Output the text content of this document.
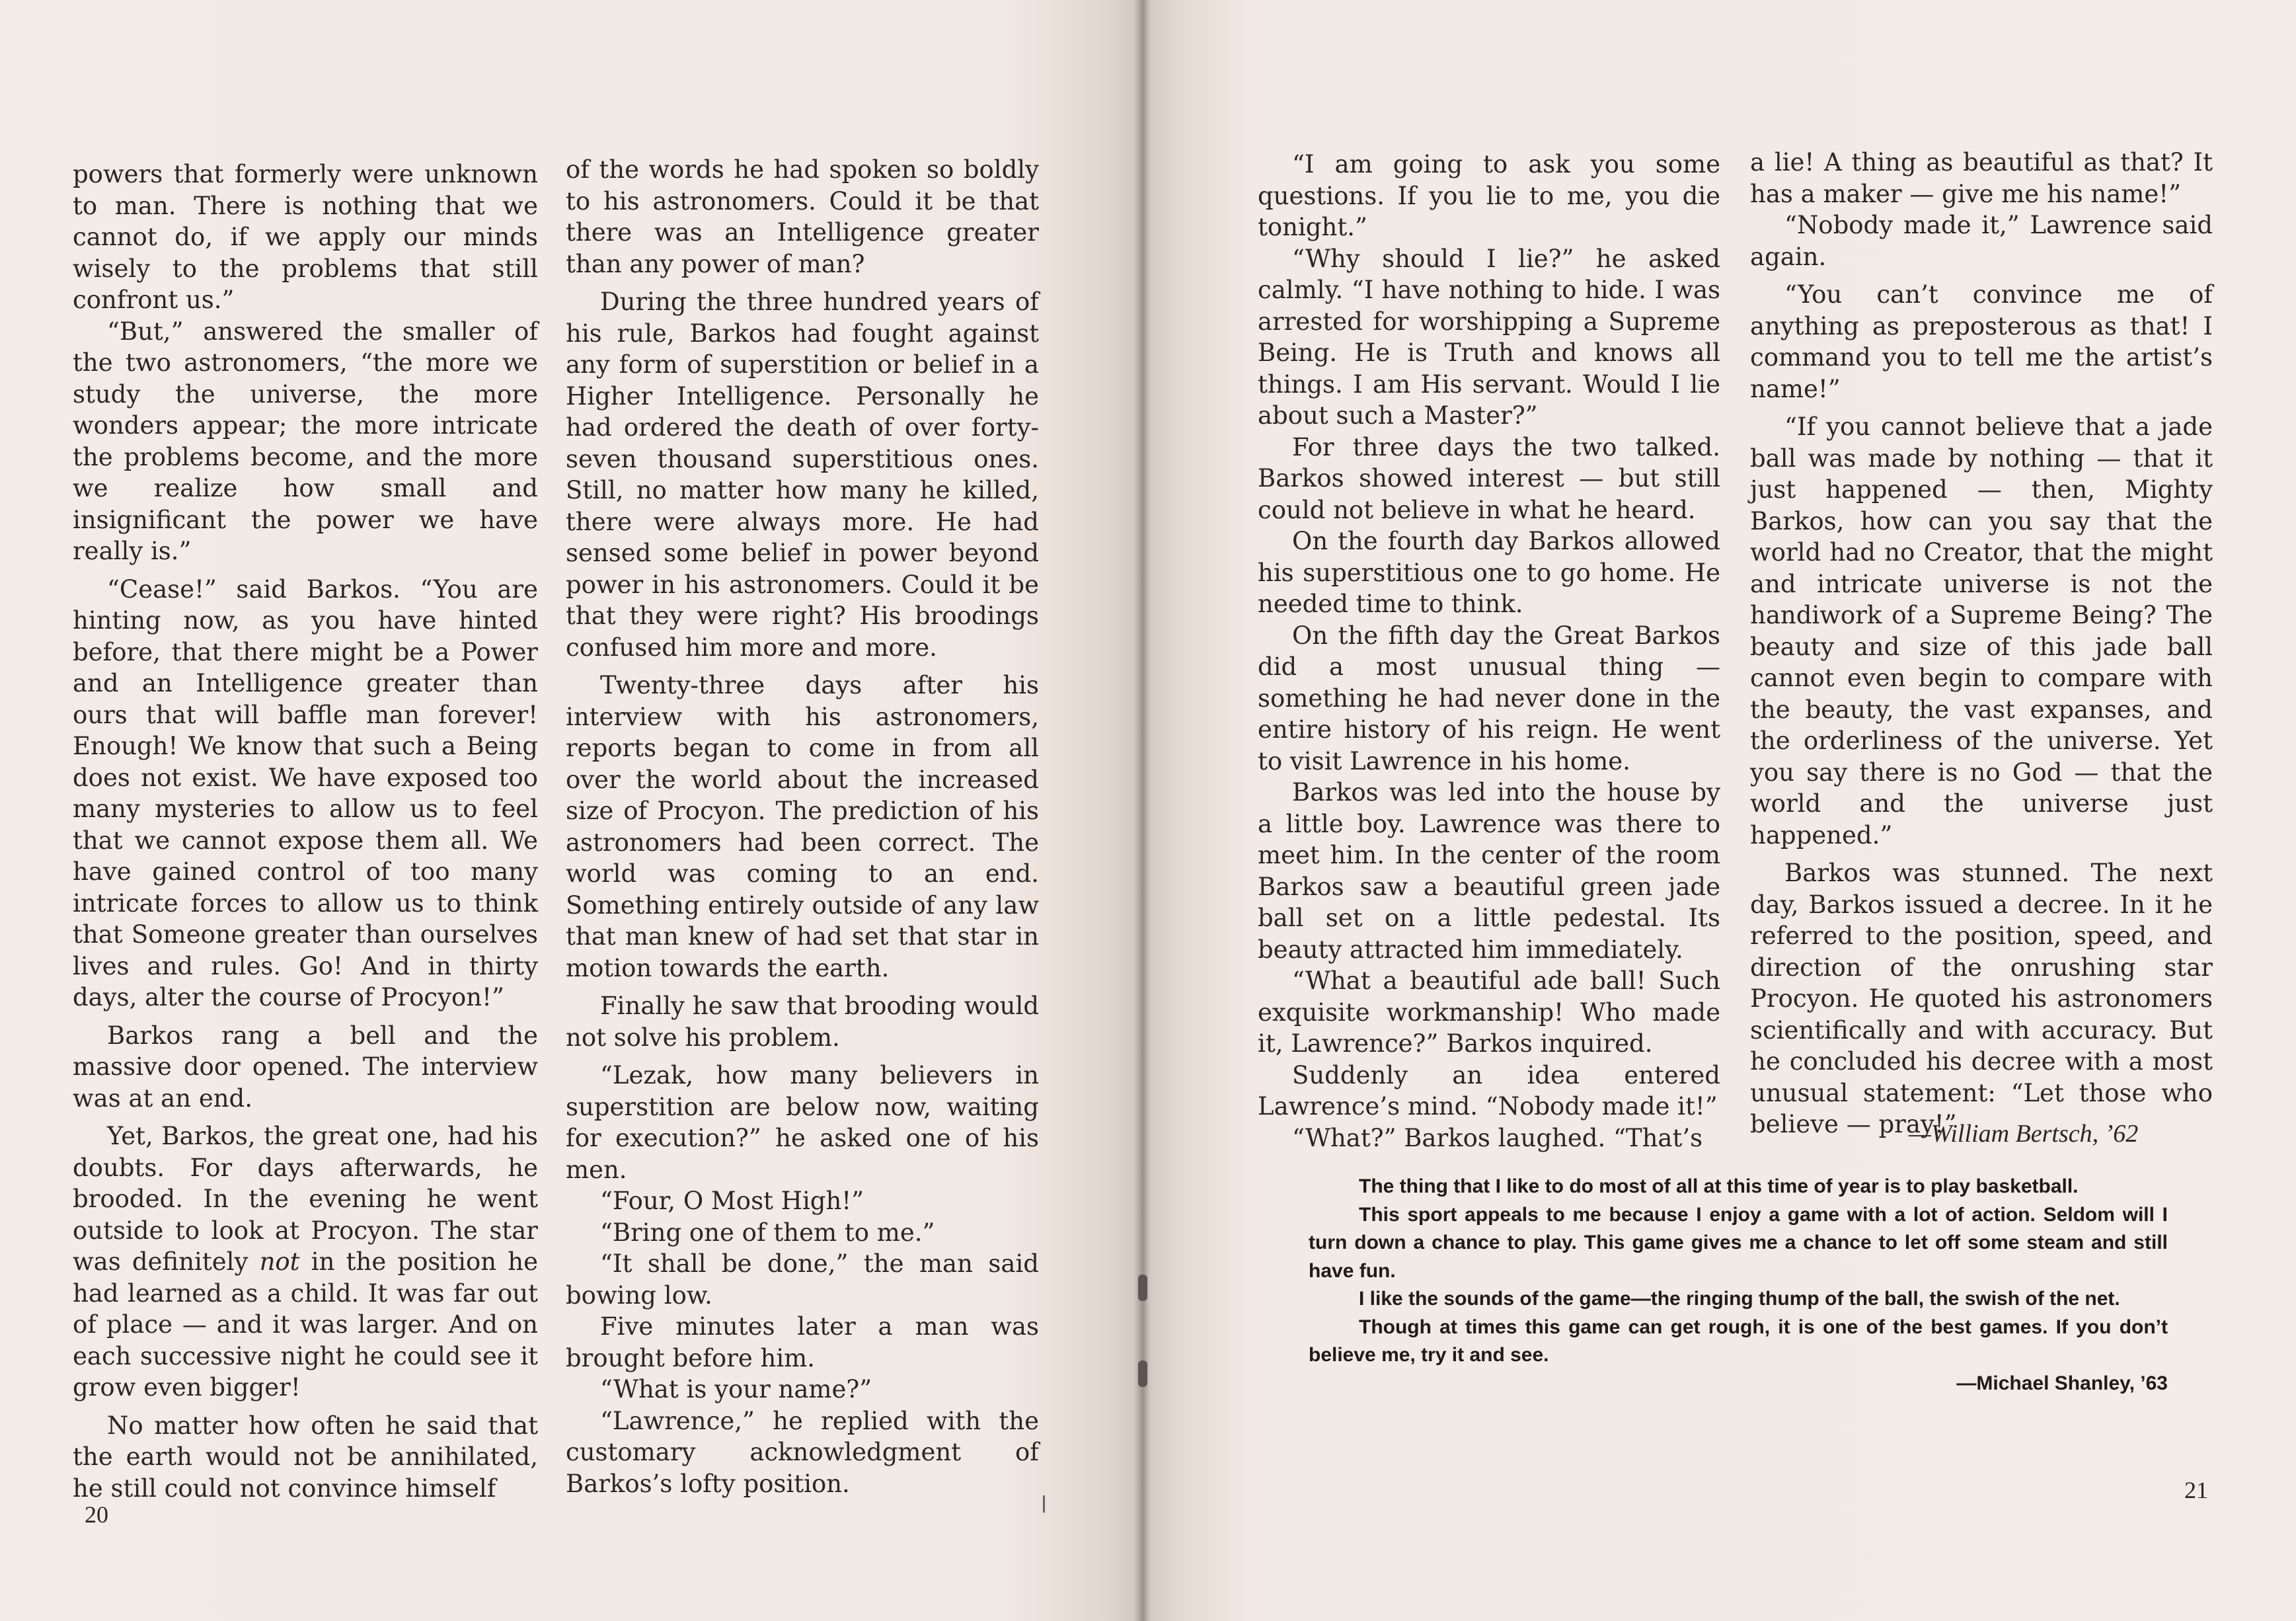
powers that formerly were unknown to man. There is nothing that we cannot do, if we apply our minds wisely to the problems that still confront us.”

“But,” answered the smaller of the two astronomers, “the more we study the universe, the more wonders appear; the more intricate the problems become, and the more we realize how small and insignificant the power we have really is.”

“Cease!” said Barkos. “You are hinting now, as you have hinted before, that there might be a Power and an Intelligence greater than ours that will baffle man forever! Enough! We know that such a Being does not exist. We have exposed too many mysteries to allow us to feel that we cannot expose them all. We have gained control of too many intricate forces to allow us to think that Someone greater than ourselves lives and rules. Go! And in thirty days, alter the course of Procyon!”

Barkos rang a bell and the massive door opened. The interview was at an end.

Yet, Barkos, the great one, had his doubts. For days afterwards, he brooded. In the evening he went outside to look at Procyon. The star was definitely not in the position he had learned as a child. It was far out of place — and it was larger. And on each successive night he could see it grow even bigger!

No matter how often he said that the earth would not be annihilated, he still could not convince himself

of the words he had spoken so boldly to his astronomers. Could it be that there was an Intelligence greater than any power of man?

During the three hundred years of his rule, Barkos had fought against any form of superstition or belief in a Higher Intelligence. Personally he had ordered the death of over forty-seven thousand superstitious ones. Still, no matter how many he killed, there were always more. He had sensed some belief in power beyond power in his astronomers. Could it be that they were right? His broodings confused him more and more.

Twenty-three days after his interview with his astronomers, reports began to come in from all over the world about the increased size of Procyon. The prediction of his astronomers had been correct. The world was coming to an end. Something entirely outside of any law that man knew of had set that star in motion towards the earth.

Finally he saw that brooding would not solve his problem.

“Lezak, how many believers in superstition are below now, waiting for execution?” he asked one of his men.

“Four, O Most High!”

“Bring one of them to me.”

“It shall be done,” the man said bowing low.

Five minutes later a man was brought before him.

“What is your name?”

“Lawrence,” he replied with the customary acknowledgment of Barkos’s lofty position.

20

“I am going to ask you some questions. If you lie to me, you die tonight.”

“Why should I lie?” he asked calmly. “I have nothing to hide. I was arrested for worshipping a Supreme Being. He is Truth and knows all things. I am His servant. Would I lie about such a Master?”

For three days the two talked. Barkos showed interest — but still could not believe in what he heard.

On the fourth day Barkos allowed his superstitious one to go home. He needed time to think.

On the fifth day the Great Barkos did a most unusual thing — something he had never done in the entire history of his reign. He went to visit Lawrence in his home.

Barkos was led into the house by a little boy. Lawrence was there to meet him. In the center of the room Barkos saw a beautiful green jade ball set on a little pedestal. Its beauty attracted him immediately.

“What a beautiful ade ball! Such exquisite workmanship! Who made it, Lawrence?” Barkos inquired.

Suddenly an idea entered Lawrence’s mind. “Nobody made it!”

“What?” Barkos laughed. “That’s

a lie! A thing as beautiful as that? It has a maker — give me his name!”

“Nobody made it,” Lawrence said again.

“You can’t convince me of anything as preposterous as that! I command you to tell me the artist’s name!”

“If you cannot believe that a jade ball was made by nothing — that it just happened — then, Mighty Barkos, how can you say that the world had no Creator, that the might and intricate universe is not the handiwork of a Supreme Being? The beauty and size of this jade ball cannot even begin to compare with the beauty, the vast expanses, and the orderliness of the universe. Yet you say there is no God — that the world and the universe just happened.”

Barkos was stunned. The next day, Barkos issued a decree. In it he referred to the position, speed, and direction of the onrushing star Procyon. He quoted his astronomers scientifically and with accuracy. But he concluded his decree with a most unusual statement: “Let those who believe — pray!”

—William Bertsch, ’62

The thing that I like to do most of all at this time of year is to play basketball.

This sport appeals to me because I enjoy a game with a lot of action. Seldom will I turn down a chance to play. This game gives me a chance to let off some steam and still have fun.

I like the sounds of the game—the ringing thump of the ball, the swish of the net.

Though at times this game can get rough, it is one of the best games. If you don’t believe me, try it and see.

—Michael Shanley, ’63
21
